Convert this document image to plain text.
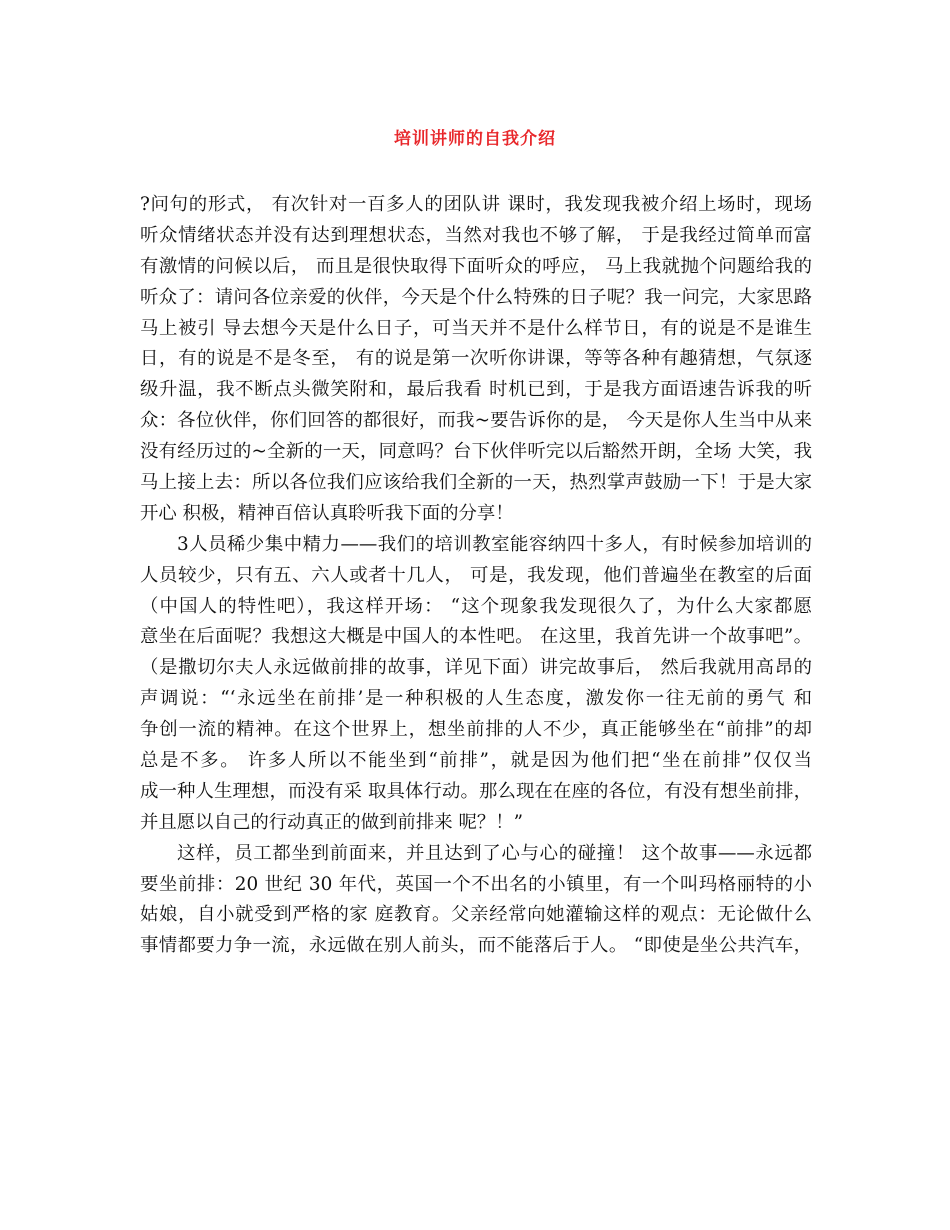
培训讲师的自我介绍
?问句的形式， 有次针对一百多人的团队讲 课时，我发现我被介绍上场时，现场
听众情绪状态并没有达到理想状态，当然对我也不够了解， 于是我经过简单而富
有激情的问候以后， 而且是很快取得下面听众的呼应， 马上我就抛个问题给我的
听众了：请问各位亲爱的伙伴，今天是个什么特殊的日子呢？我一问完，大家思路
马上被引 导去想今天是什么日子，可当天并不是什么样节日，有的说是不是谁生
日，有的说是不是冬至， 有的说是第一次听你讲课，等等各种有趣猜想，气氛逐
级升温，我不断点头微笑附和，最后我看 时机已到，于是我方面语速告诉我的听
众：各位伙伴，你们回答的都很好，而我~要告诉你的是， 今天是你人生当中从来
没有经历过的~全新的一天，同意吗？台下伙伴听完以后豁然开朗，全场 大笑，我
马上接上去：所以各位我们应该给我们全新的一天，热烈掌声鼓励一下！于是大家
开心 积极，精神百倍认真聆听我下面的分享！
3人员稀少集中精力——我们的培训教室能容纳四十多人，有时候参加培训的
人员较少，只有五、六人或者十几人， 可是，我发现，他们普遍坐在教室的后面
（中国人的特性吧），我这样开场： “这个现象我发现很久了，为什么大家都愿
意坐在后面呢？我想这大概是中国人的本性吧。 在这里，我首先讲一个故事吧”。
（是撒切尔夫人永远做前排的故事，详见下面）讲完故事后， 然后我就用高昂的
声调说：“‘永远坐在前排’是一种积极的人生态度，激发你一往无前的勇气 和
争创一流的精神。在这个世界上，想坐前排的人不少，真正能够坐在“前排”的却
总是不多。 许多人所以不能坐到“前排”，就是因为他们把“坐在前排”仅仅当
成一种人生理想，而没有采 取具体行动。那么现在在座的各位，有没有想坐前排，
并且愿以自己的行动真正的做到前排来 呢？！”
这样，员工都坐到前面来，并且达到了心与心的碰撞！ 这个故事——永远都
要坐前排：20 世纪 30 年代，英国一个不出名的小镇里，有一个叫玛格丽特的小
姑娘，自小就受到严格的家 庭教育。父亲经常向她灌输这样的观点：无论做什么
事情都要力争一流，永远做在别人前头，而不能落后于人。 “即使是坐公共汽车，
